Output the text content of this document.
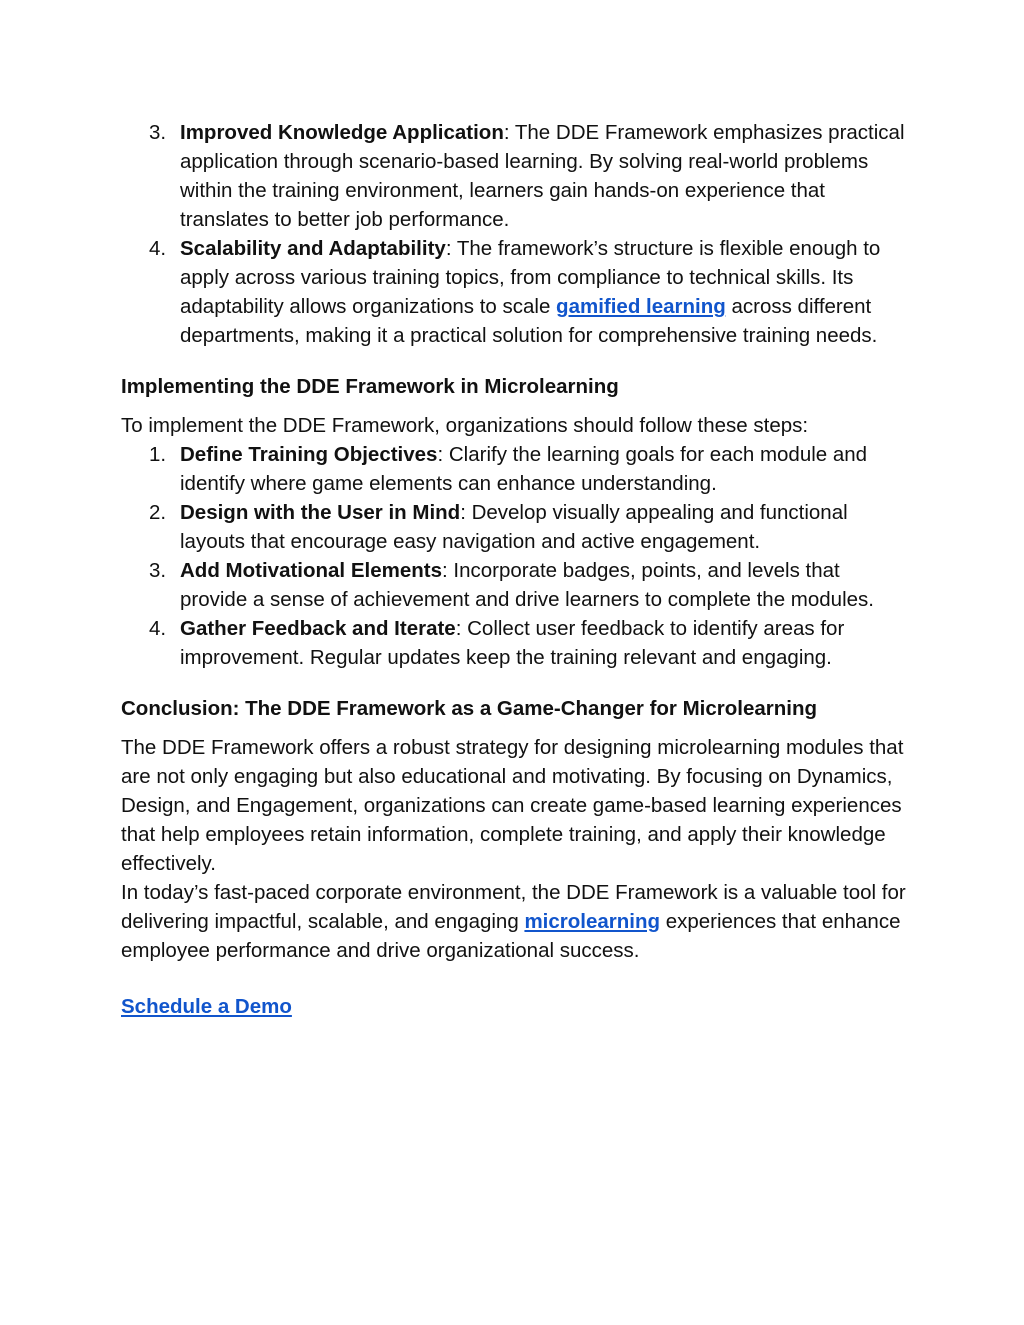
3. Improved Knowledge Application: The DDE Framework emphasizes practical application through scenario-based learning. By solving real-world problems within the training environment, learners gain hands-on experience that translates to better job performance.
4. Scalability and Adaptability: The framework’s structure is flexible enough to apply across various training topics, from compliance to technical skills. Its adaptability allows organizations to scale gamified learning across different departments, making it a practical solution for comprehensive training needs.
Implementing the DDE Framework in Microlearning

To implement the DDE Framework, organizations should follow these steps:

1. Define Training Objectives: Clarify the learning goals for each module and identify where game elements can enhance understanding.
2. Design with the User in Mind: Develop visually appealing and functional layouts that encourage easy navigation and active engagement.
3. Add Motivational Elements: Incorporate badges, points, and levels that provide a sense of achievement and drive learners to complete the modules.
4. Gather Feedback and Iterate: Collect user feedback to identify areas for improvement. Regular updates keep the training relevant and engaging.
Conclusion: The DDE Framework as a Game-Changer for Microlearning

The DDE Framework offers a robust strategy for designing microlearning modules that are not only engaging but also educational and motivating. By focusing on Dynamics, Design, and Engagement, organizations can create game-based learning experiences that help employees retain information, complete training, and apply their knowledge effectively.

In today’s fast-paced corporate environment, the DDE Framework is a valuable tool for delivering impactful, scalable, and engaging microlearning experiences that enhance employee performance and drive organizational success.

Schedule a Demo
